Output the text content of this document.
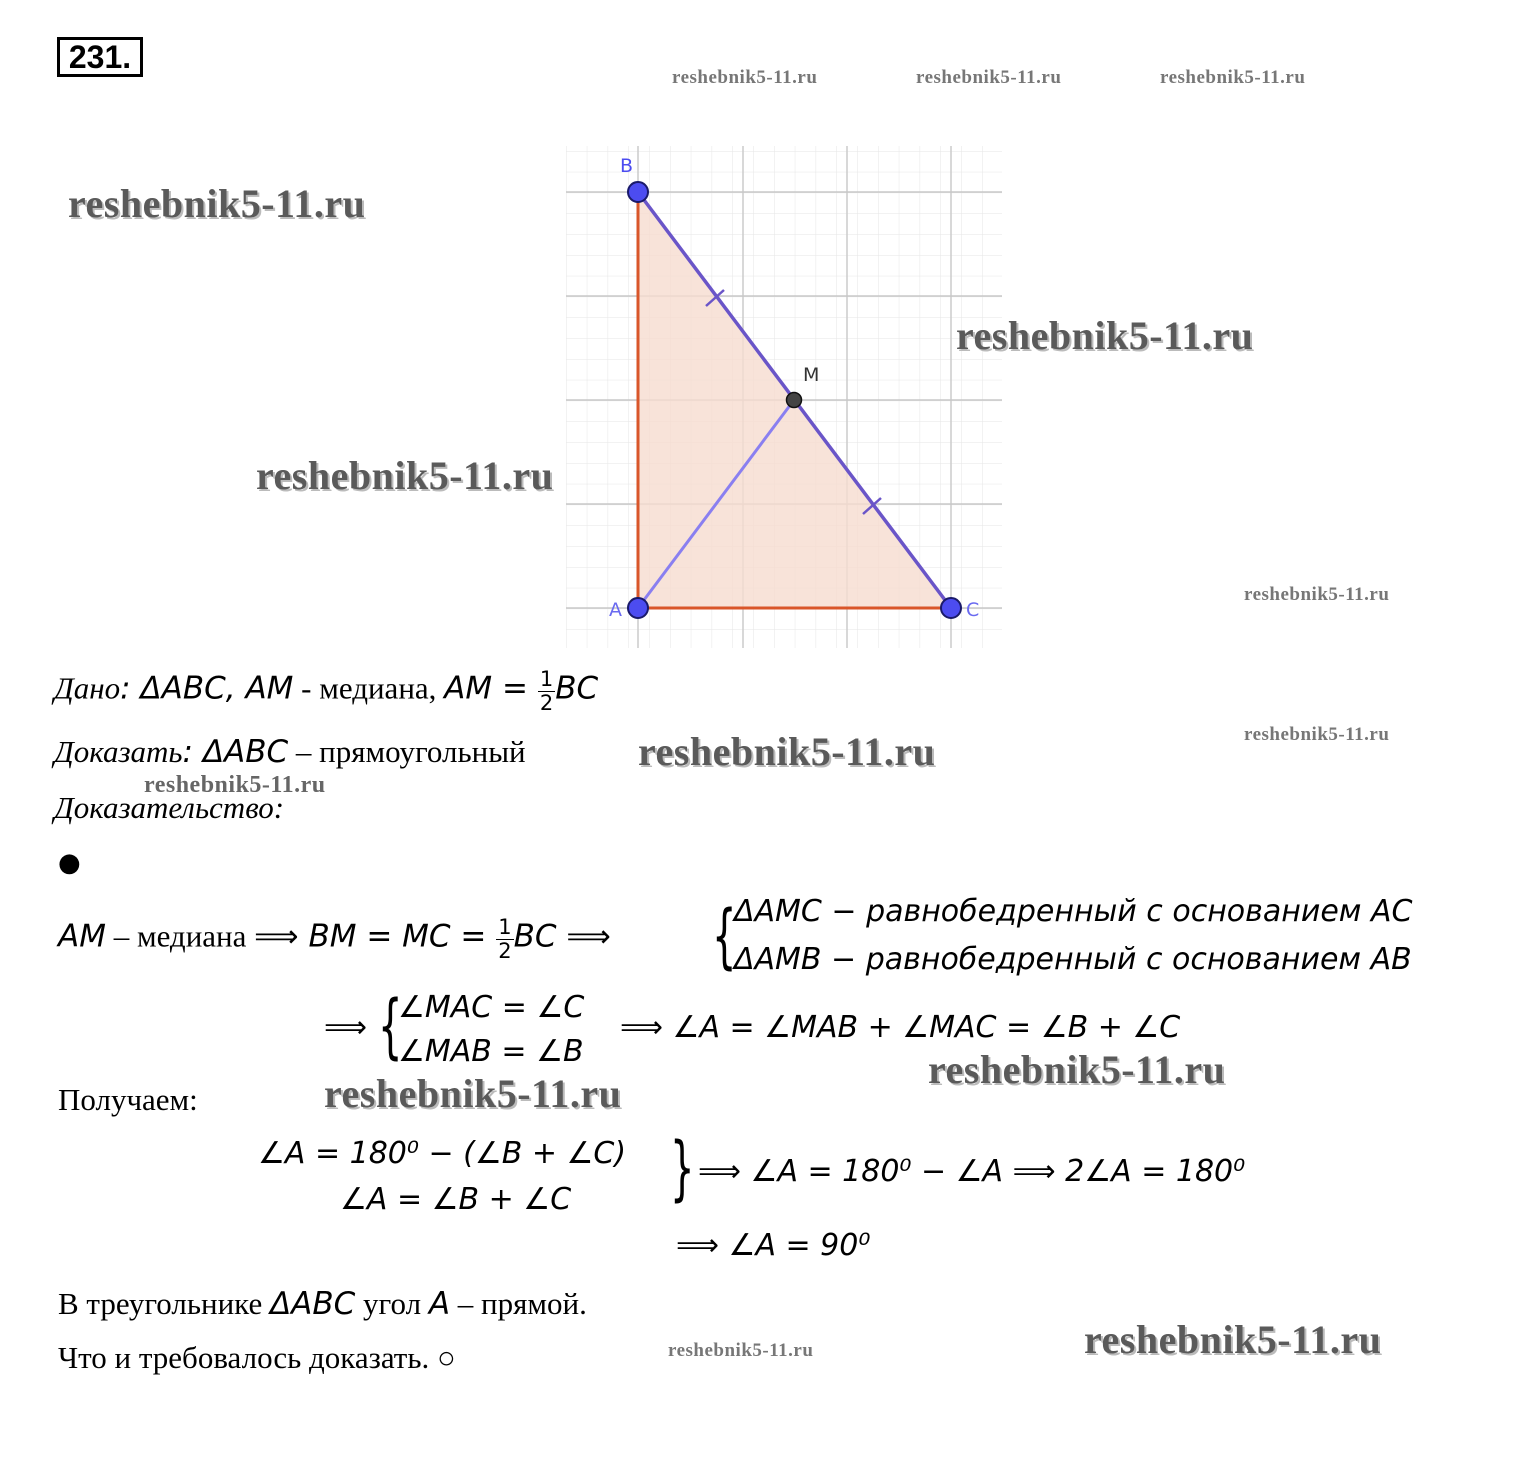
231.
reshebnik5-11.ru	reshebnik5-11.ru	reshebnik5-11.ru
B
M
A	C
reshebnik5-11.ru
reshebnik5-11.ru
reshebnik5-11.ru
reshebnik5-11.ru
Дано: ΔABC, AM - медиана, AM = $\frac{1}{2}$ BC
Доказать: ΔABC – прямоугольный	reshebnik5-11.ru	reshebnik5-11.ru
reshebnik5-11.ru
Доказательство:
●
AM – медиана ⟹ BM = MC = $\frac{1}{2}$ BC ⟹ {
ΔAMC − равнобедренный с основанием AC
ΔAMB − равнобедренный с основанием AB
⟹ {
∠MAC = ∠C
∠MAB = ∠B
⟹ ∠A = ∠MAB + ∠MAC = ∠B + ∠C
reshebnik5-11.ru
Получаем:	reshebnik5-11.ru
∠A = 180⁰ − (∠B + ∠C)
∠A = ∠B + ∠C } ⟹ ∠A = 180⁰ − ∠A ⟹ 2∠A = 180⁰
⟹ ∠A = 90⁰
В треугольнике ΔABC угол A – прямой.
Что и требовалось доказать. ○	reshebnik5-11.ru	reshebnik5-11.ru
